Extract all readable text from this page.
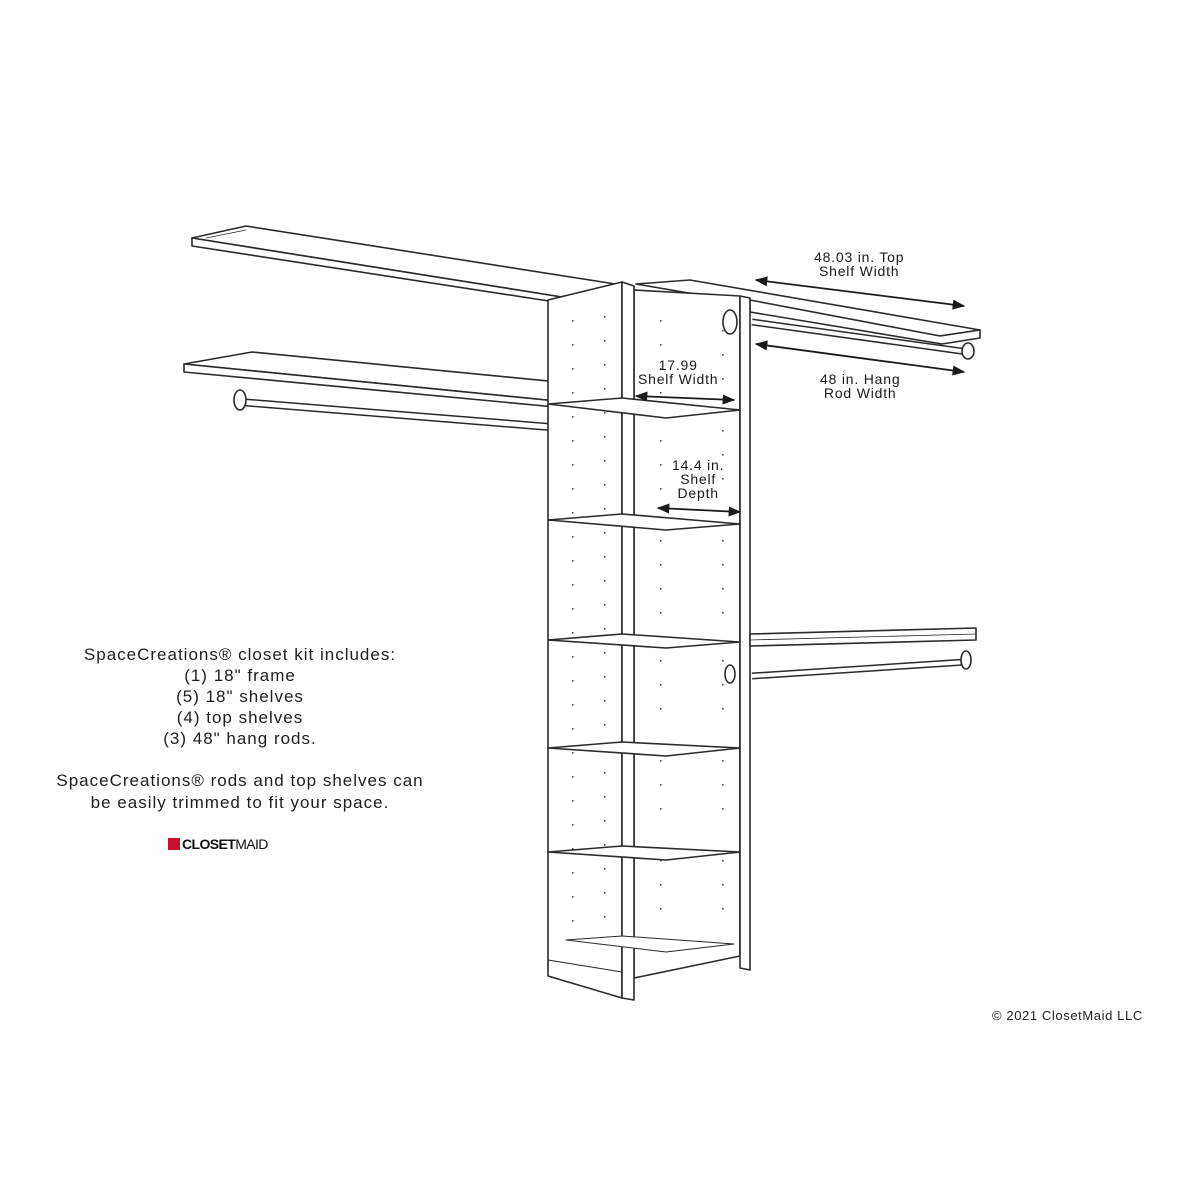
48.03 in. Top
Shelf Width
48 in. Hang
Rod Width
17.99
Shelf Width
14.4 in.
Shelf
Depth

SpaceCreations® closet kit includes:

(1) 18" frame

(5) 18" shelves

(4) top shelves

(3) 48" hang rods.

SpaceCreations® rods and top shelves can

be easily trimmed to fit your space.

CLOSETMAID
© 2021 ClosetMaid LLC
